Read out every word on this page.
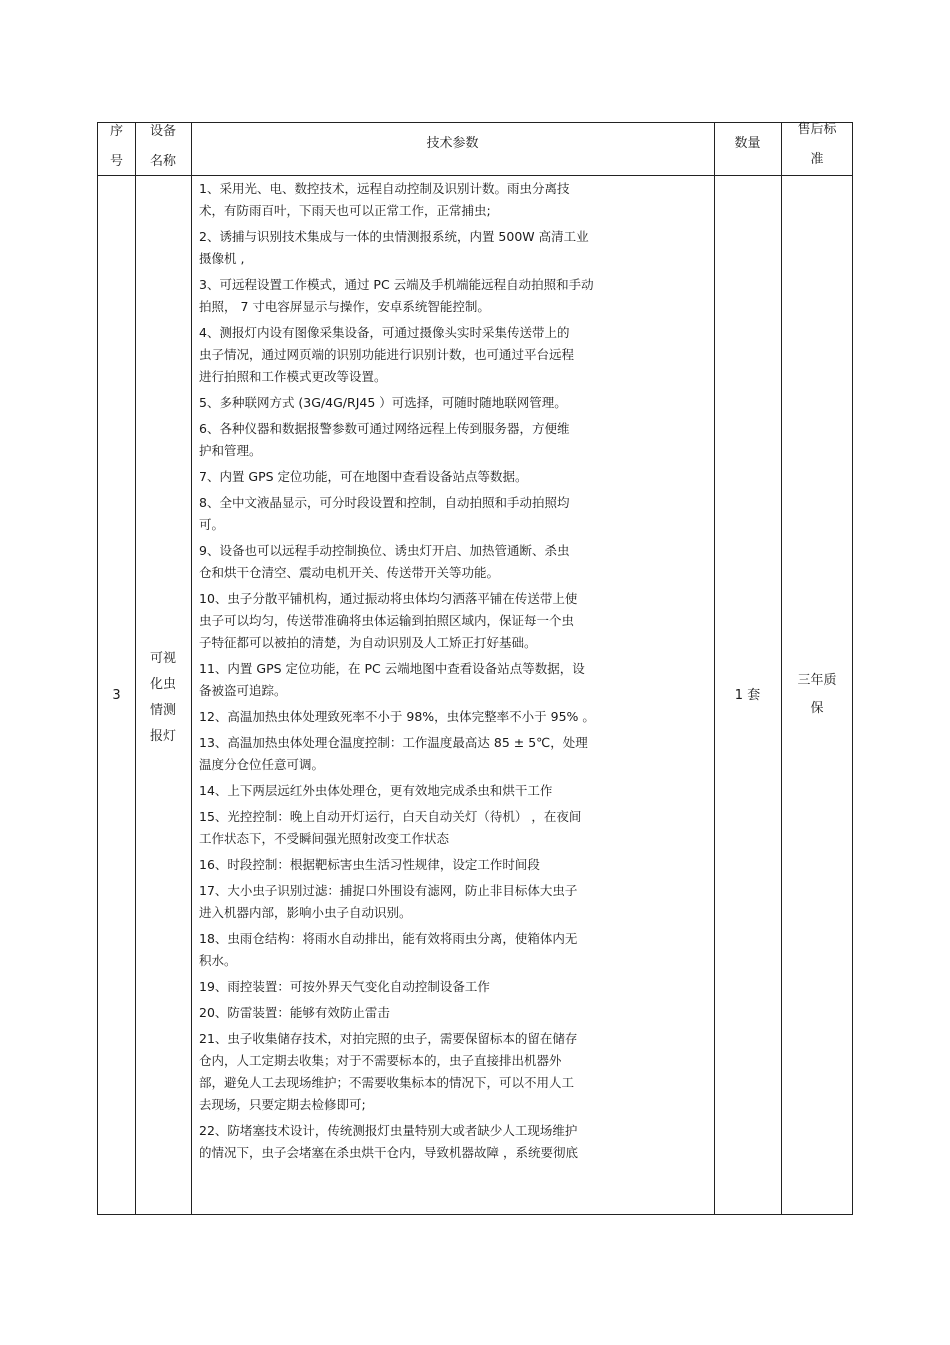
序
号
设备
名称
技术参数	数量
售后标
准
3
可视
化虫
情测
报灯
1 套
三年质
保
1、采用光、电、数控技术，远程自动控制及识别计数。雨虫分离技
术，有防雨百叶，下雨天也可以正常工作，正常捕虫;
2、诱捕与识别技术集成与一体的虫情测报系统，内置 500W 高清工业
摄像机 ,
3、可远程设置工作模式，通过 PC 云端及手机端能远程自动拍照和手动
拍照， 7 寸电容屏显示与操作，安卓系统智能控制。
4、测报灯内设有图像采集设备，可通过摄像头实时采集传送带上的
虫子情况，通过网页端的识别功能进行识别计数，也可通过平台远程
进行拍照和工作模式更改等设置。
5、多种联网方式 (3G/4G/RJ45 ）可选择，可随时随地联网管理。
6、各种仪器和数据报警参数可通过网络远程上传到服务器，方便维
护和管理。
7、内置 GPS 定位功能，可在地图中查看设备站点等数据。
8、全中文液晶显示，可分时段设置和控制，自动拍照和手动拍照均
可。
9、设备也可以远程手动控制换位、诱虫灯开启、加热管通断、杀虫
仓和烘干仓清空、震动电机开关、传送带开关等功能。
10、虫子分散平铺机构，通过振动将虫体均匀洒落平铺在传送带上使
虫子可以均匀，传送带准确将虫体运输到拍照区域内，保证每一个虫
子特征都可以被拍的清楚，为自动识别及人工矫正打好基础。
11、内置 GPS 定位功能，在 PC 云端地图中查看设备站点等数据，设
备被盗可追踪。
12、高温加热虫体处理致死率不小于 98%，虫体完整率不小于 95% 。
13、高温加热虫体处理仓温度控制：工作温度最高达 85 ± 5℃，处理
温度分仓位任意可调。
14、上下两层远红外虫体处理仓，更有效地完成杀虫和烘干工作
15、光控控制：晚上自动开灯运行，白天自动关灯（待机） ，在夜间
工作状态下，不受瞬间强光照射改变工作状态
16、时段控制：根据靶标害虫生活习性规律，设定工作时间段
17、大小虫子识别过滤：捕捉口外围设有滤网，防止非目标体大虫子
进入机器内部，影响小虫子自动识别。
18、虫雨仓结构：将雨水自动排出，能有效将雨虫分离，使箱体内无
积水。
19、雨控装置：可按外界天气变化自动控制设备工作
20、防雷装置：能够有效防止雷击
21、虫子收集储存技术，对拍完照的虫子，需要保留标本的留在储存
仓内，人工定期去收集；对于不需要标本的，虫子直接排出机器外
部，避免人工去现场维护；不需要收集标本的情况下，可以不用人工
去现场，只要定期去检修即可;
22、防堵塞技术设计，传统测报灯虫量特别大或者缺少人工现场维护
的情况下，虫子会堵塞在杀虫烘干仓内，导致机器故障 ，系统要彻底
